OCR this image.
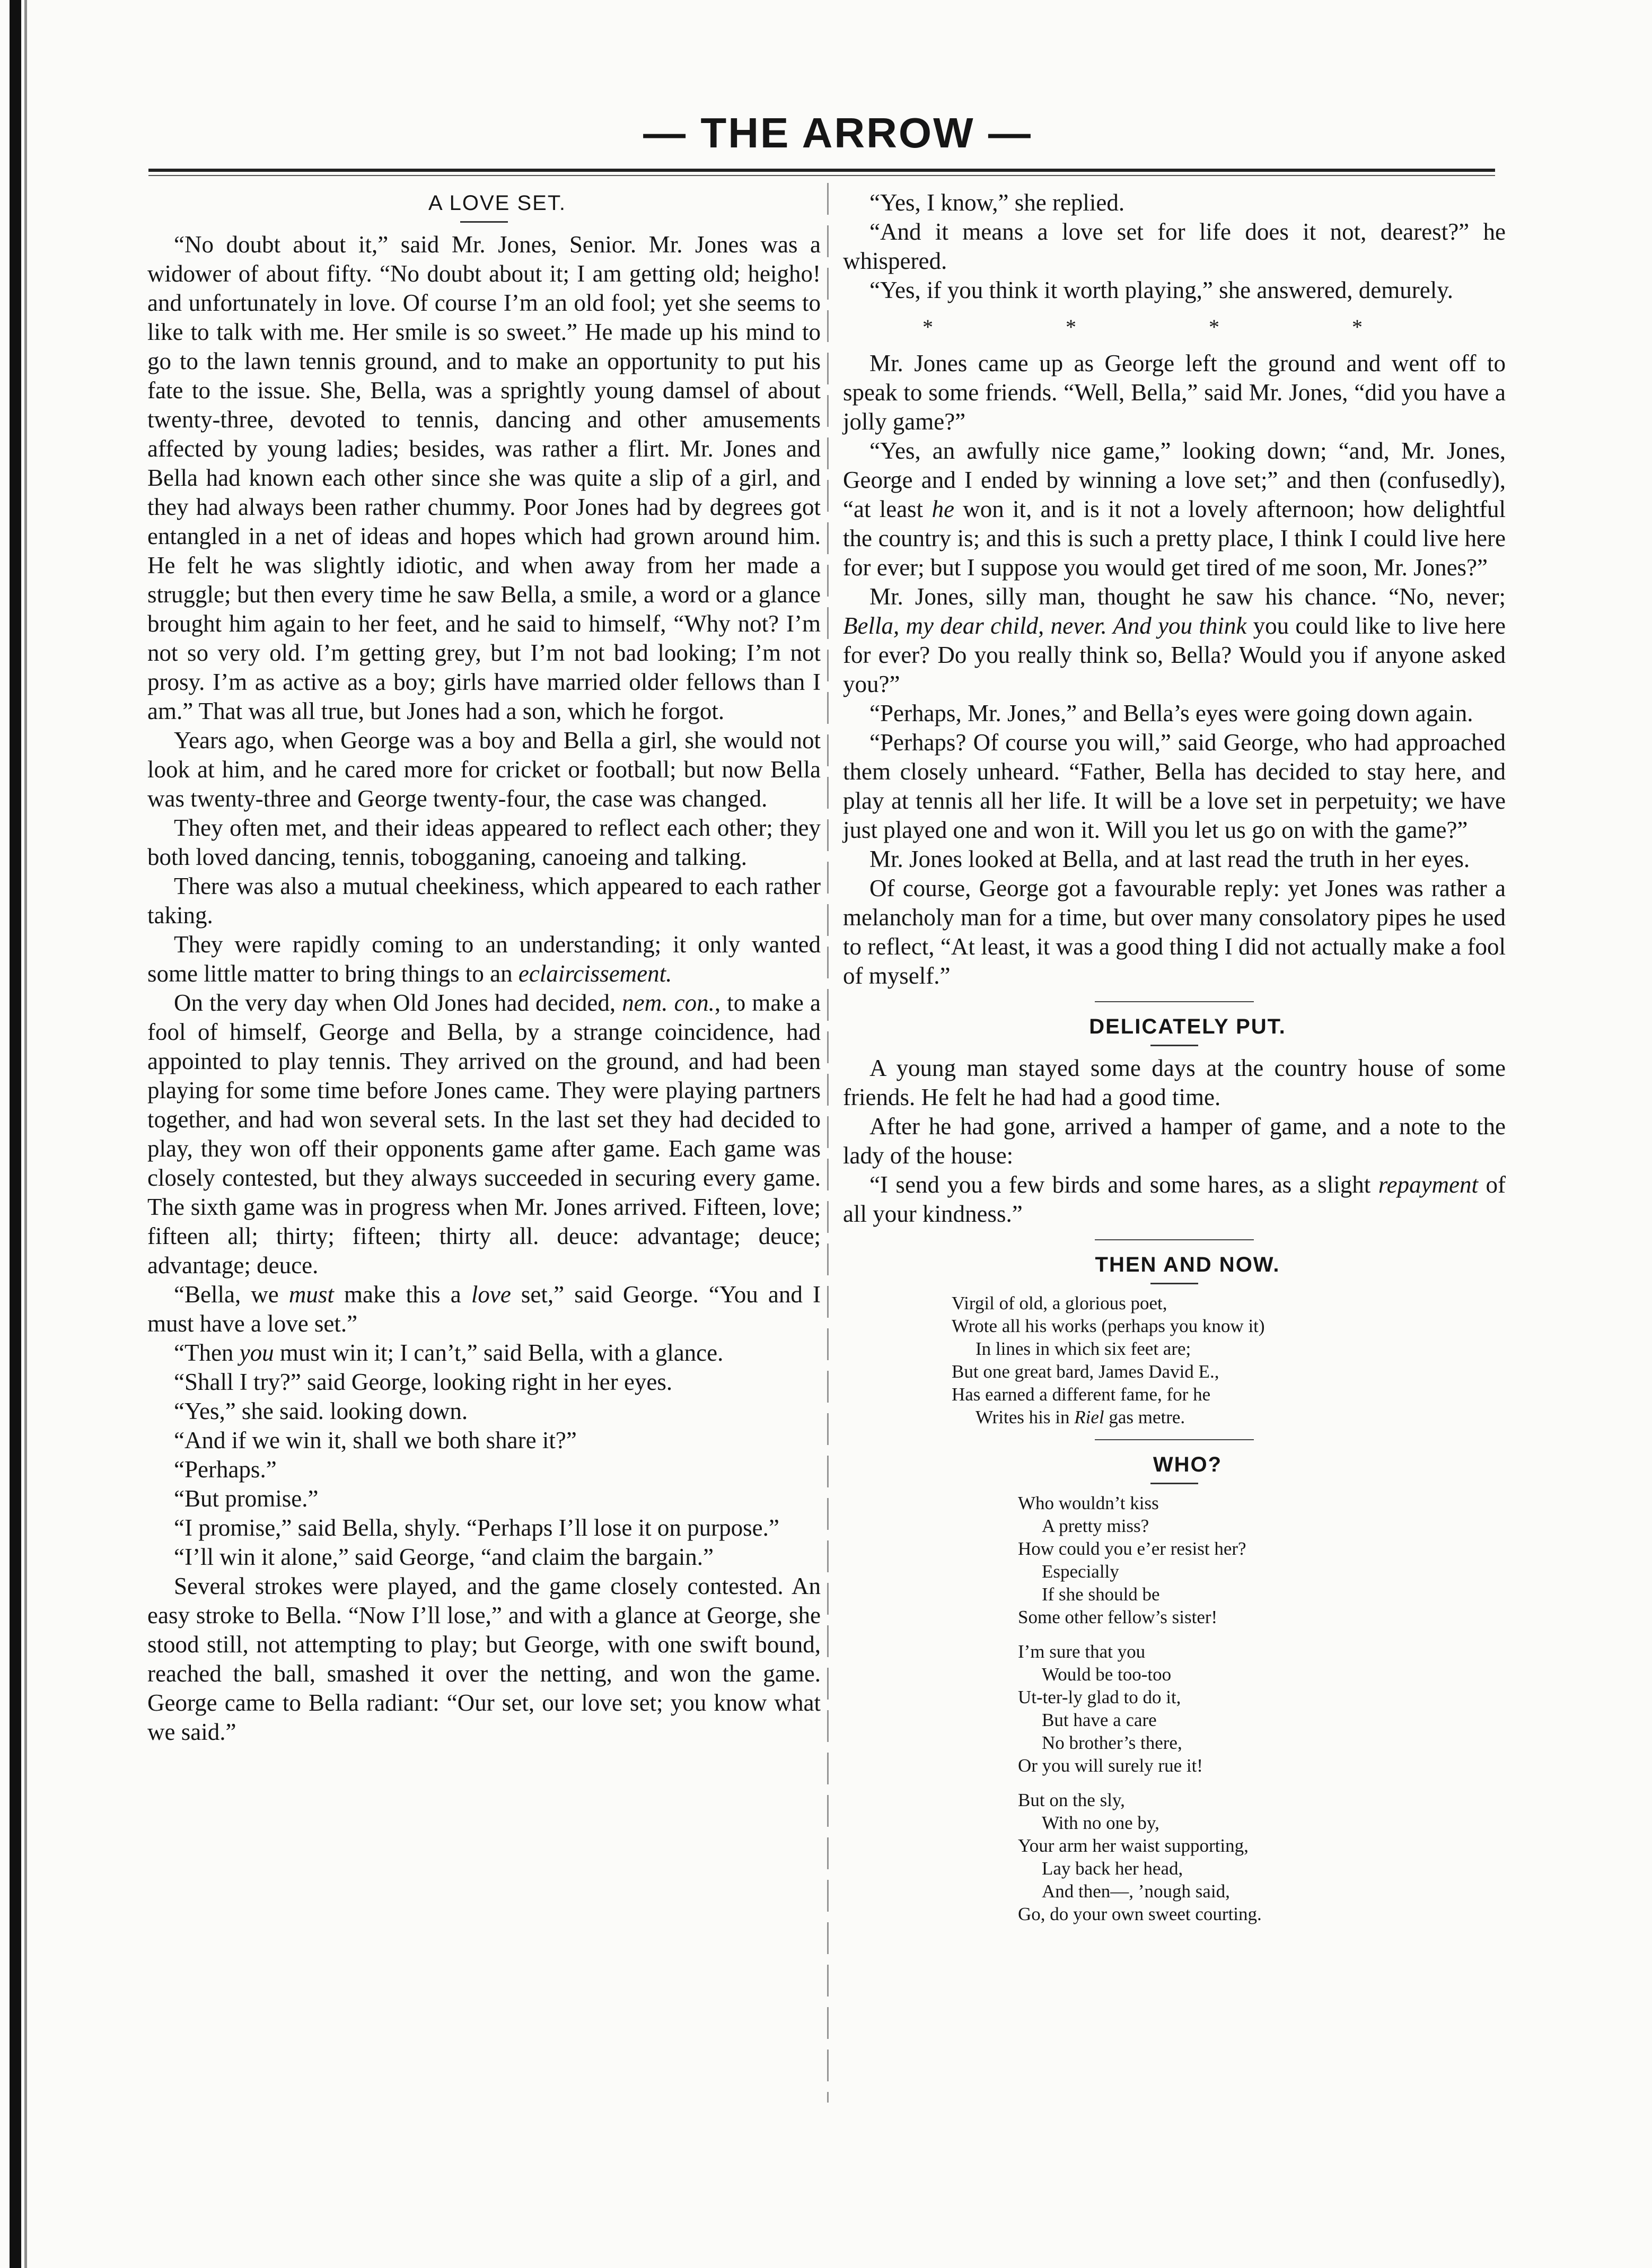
— THE ARROW —

A LOVE SET.

“No doubt about it,” said Mr. Jones, Senior. Mr. Jones was a widower of about fifty. “No doubt about it; I am getting old; heigho! and unfortunately in love. Of course I’m an old fool; yet she seems to like to talk with me. Her smile is so sweet.” He made up his mind to go to the lawn tennis ground, and to make an opportunity to put his fate to the issue. She, Bella, was a sprightly young damsel of about twenty-three, devoted to tennis, dancing and other amusements affected by young ladies; besides, was rather a flirt. Mr. Jones and Bella had known each other since she was quite a slip of a girl, and they had always been rather chummy. Poor Jones had by degrees got entangled in a net of ideas and hopes which had grown around him. He felt he was slightly idiotic, and when away from her made a struggle; but then every time he saw Bella, a smile, a word or a glance brought him again to her feet, and he said to himself, “Why not? I’m not so very old. I’m getting grey, but I’m not bad looking; I’m not prosy. I’m as active as a boy; girls have married older fellows than I am.” That was all true, but Jones had a son, which he forgot.

Years ago, when George was a boy and Bella a girl, she would not look at him, and he cared more for cricket or football; but now Bella was twenty-three and George twenty-four, the case was changed.

They often met, and their ideas appeared to reflect each other; they both loved dancing, tennis, tobogganing, canoeing and talking.

There was also a mutual cheekiness, which appeared to each rather taking.

They were rapidly coming to an understanding; it only wanted some little matter to bring things to an eclaircissement.

On the very day when Old Jones had decided, nem. con., to make a fool of himself, George and Bella, by a strange coincidence, had appointed to play tennis. They arrived on the ground, and had been playing for some time before Jones came. They were playing partners together, and had won several sets. In the last set they had decided to play, they won off their opponents game after game. Each game was closely contested, but they always succeeded in securing every game. The sixth game was in progress when Mr. Jones arrived. Fifteen, love; fifteen all; thirty; fifteen; thirty all. deuce: advantage; deuce; advantage; deuce.

“Bella, we must make this a love set,” said George. “You and I must have a love set.”

“Then you must win it; I can’t,” said Bella, with a glance.

“Shall I try?” said George, looking right in her eyes.

“Yes,” she said. looking down.

“And if we win it, shall we both share it?”

“Perhaps.”

“But promise.”

“I promise,” said Bella, shyly. “Perhaps I’ll lose it on purpose.”

“I’ll win it alone,” said George, “and claim the bargain.”

Several strokes were played, and the game closely contested. An easy stroke to Bella. “Now I’ll lose,” and with a glance at George, she stood still, not attempting to play; but George, with one swift bound, reached the ball, smashed it over the netting, and won the game. George came to Bella radiant: “Our set, our love set; you know what we said.”

“Yes, I know,” she replied.

“And it means a love set for life does it not, dearest?” he whispered.

“Yes, if you think it worth playing,” she answered, demurely.

* * * *

Mr. Jones came up as George left the ground and went off to speak to some friends. “Well, Bella,” said Mr. Jones, “did you have a jolly game?”

“Yes, an awfully nice game,” looking down; “and, Mr. Jones, George and I ended by winning a love set;” and then (confusedly), “at least he won it, and is it not a lovely afternoon; how delightful the country is; and this is such a pretty place, I think I could live here for ever; but I suppose you would get tired of me soon, Mr. Jones?”

Mr. Jones, silly man, thought he saw his chance. “No, never; Bella, my dear child, never. And you think you could like to live here for ever? Do you really think so, Bella? Would you if anyone asked you?”

“Perhaps, Mr. Jones,” and Bella’s eyes were going down again.

“Perhaps? Of course you will,” said George, who had approached them closely unheard. “Father, Bella has decided to stay here, and play at tennis all her life. It will be a love set in perpetuity; we have just played one and won it. Will you let us go on with the game?”

Mr. Jones looked at Bella, and at last read the truth in her eyes.

Of course, George got a favourable reply: yet Jones was rather a melancholy man for a time, but over many consolatory pipes he used to reflect, “At least, it was a good thing I did not actually make a fool of myself.”

DELICATELY PUT.

A young man stayed some days at the country house of some friends. He felt he had had a good time.

After he had gone, arrived a hamper of game, and a note to the lady of the house:

“I send you a few birds and some hares, as a slight repayment of all your kindness.”

THEN AND NOW.

Virgil of old, a glorious poet,
Wrote all his works (perhaps you know it)
In lines in which six feet are;
But one great bard, James David E.,
Has earned a different fame, for he
Writes his in Riel gas metre.

WHO?

Who wouldn’t kiss
A pretty miss?
How could you e’er resist her?
Especially
If she should be
Some other fellow’s sister!
I’m sure that you
Would be too-too
Ut-ter-ly glad to do it,
But have a care
No brother’s there,
Or you will surely rue it!
But on the sly,
With no one by,
Your arm her waist supporting,
Lay back her head,
And then—, ’nough said,
Go, do your own sweet courting.
